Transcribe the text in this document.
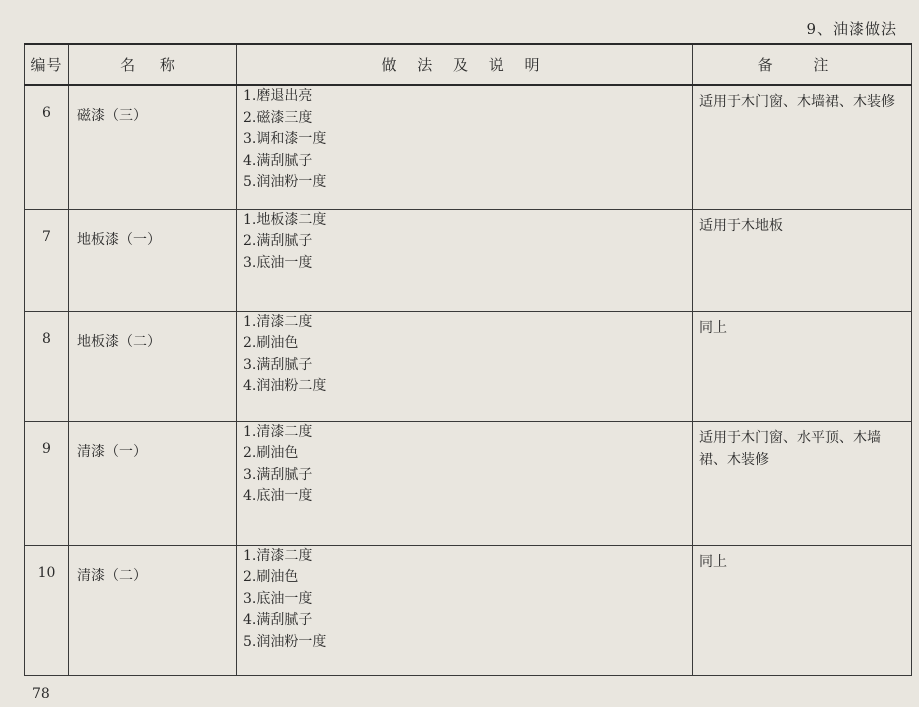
9、油漆做法
编号	名 称	做 法 及 说 明	备 注
6	磁漆（三）	1.磨退出亮
2.磁漆三度
3.调和漆一度
4.满刮腻子
5.润油粉一度	适用于木门窗、木墙裙、木装修
7	地板漆（一）	1.地板漆二度
2.满刮腻子
3.底油一度	适用于木地板
8	地板漆（二）	1.清漆二度
2.刷油色
3.满刮腻子
4.润油粉二度	同上
9	清漆（一）	1.清漆二度
2.刷油色
3.满刮腻子
4.底油一度	适用于木门窗、水平顶、木墙裙、木装修
10	清漆（二）	1.清漆二度
2.刷油色
3.底油一度
4.满刮腻子
5.润油粉一度	同上
78
